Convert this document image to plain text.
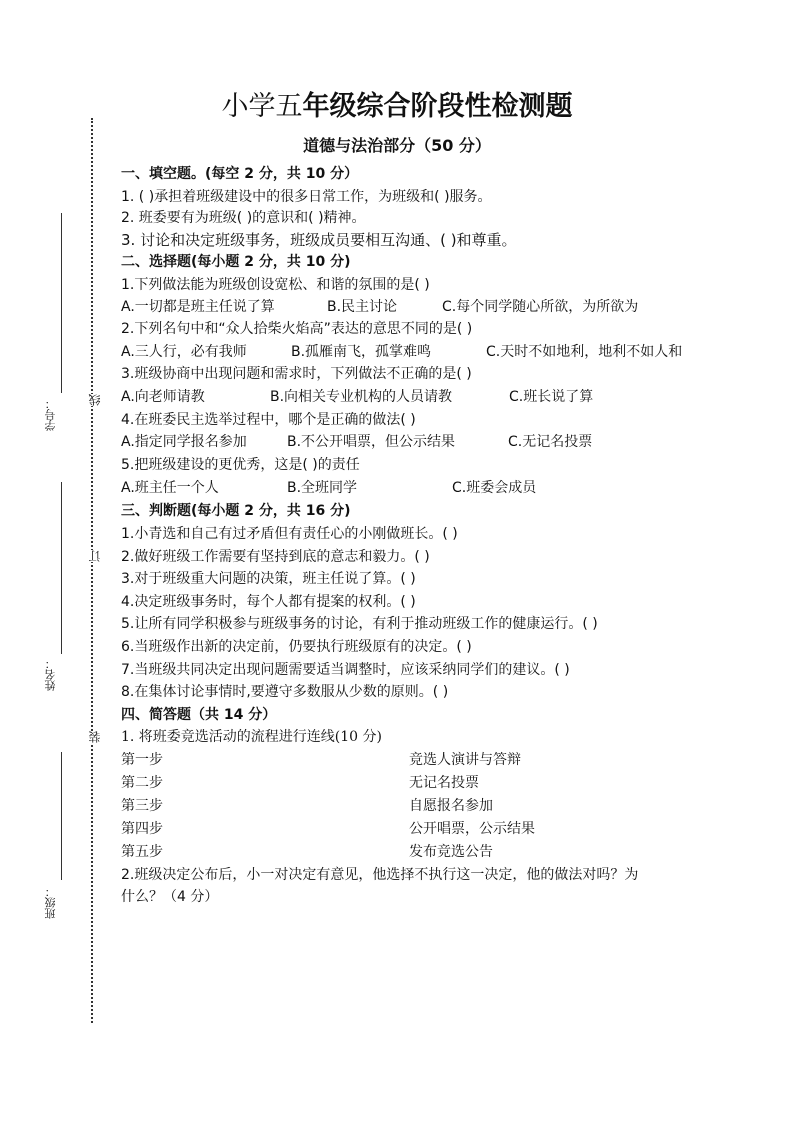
学号：
姓名：
班级：
线
订
装
小学五年级综合阶段性检测题
道德与法治部分（50 分）
一、填空题。(每空 2 分，共 10 分）
1. ( )承担着班级建设中的很多日常工作，为班级和( )服务。
2. 班委要有为班级( )的意识和( )精神。
3. 讨论和决定班级事务，班级成员要相互沟通、( )和尊重。
二、选择题(每小题 2 分，共 10 分)
1.下列做法能为班级创设宽松、和谐的氛围的是( )
A.一切都是班主任说了算	B.民主讨论	C.每个同学随心所欲，为所欲为
2.下列名句中和“众人拾柴火焰高”表达的意思不同的是( )
A.三人行，必有我师	B.孤雁南飞，孤掌难鸣	C.天时不如地利，地利不如人和
3.班级协商中出现问题和需求时，下列做法不正确的是( )
A.向老师请教	B.向相关专业机构的人员请教	C.班长说了算
4.在班委民主选举过程中，哪个是正确的做法( )
A.指定同学报名参加	B.不公开唱票，但公示结果	C.无记名投票
5.把班级建设的更优秀，这是( )的责任
A.班主任一个人	B.全班同学	C.班委会成员
三、判断题(每小题 2 分，共 16 分)
1.小青选和自己有过矛盾但有责任心的小刚做班长。( )
2.做好班级工作需要有坚持到底的意志和毅力。( )
3.对于班级重大问题的决策，班主任说了算。( )
4.决定班级事务时，每个人都有提案的权利。( )
5.让所有同学积极参与班级事务的讨论，有利于推动班级工作的健康运行。( )
6.当班级作出新的决定前，仍要执行班级原有的决定。( )
7.当班级共同决定出现问题需要适当调整时，应该采纳同学们的建议。( )
8.在集体讨论事情时,要遵守多数服从少数的原则。( )
四、简答题（共 14 分）
1. 将班委竞选活动的流程进行连线(10 分)
第一步	竞选人演讲与答辩
第二步	无记名投票
第三步	自愿报名参加
第四步	公开唱票，公示结果
第五步	发布竞选公告
2.班级决定公布后，小一对决定有意见，他选择不执行这一决定，他的做法对吗？为
什么？（4 分）
